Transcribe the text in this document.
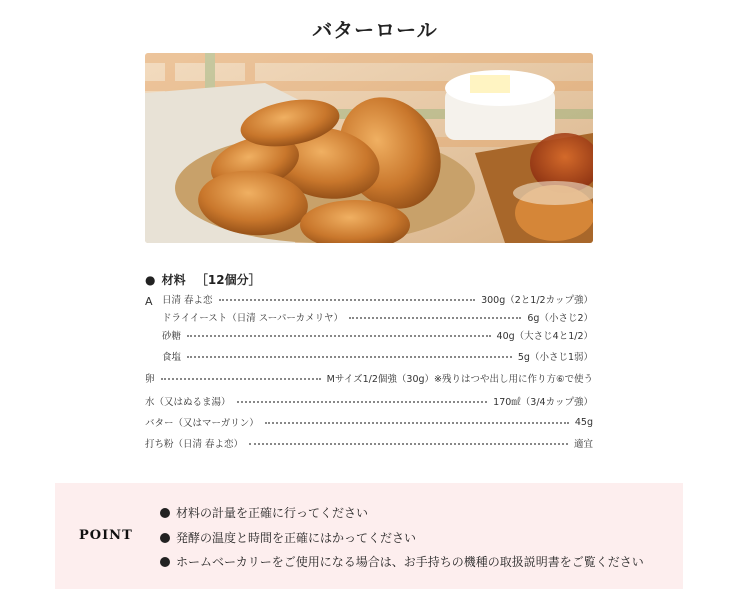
バターロール
● 材料 ［12個分］
A 日清 春よ恋	300g（2と1/2カップ強）
ドライイースト（日清 スーパーカメリヤ）	6g（小さじ2）
砂糖	40g（大さじ4と1/2）
食塩	5g（小さじ1弱）
卵	Mサイズ1/2個強（30g）※残りはつや出し用に作り方⑥で使う
水（又はぬるま湯）	170㎖（3/4カップ強）
バター（又はマーガリン）	45g
打ち粉（日清 春よ恋）	適宜
POINT
材料の計量を正確に行ってください
発酵の温度と時間を正確にはかってください
ホームベーカリーをご使用になる場合は、お手持ちの機種の取扱説明書をご覧ください
